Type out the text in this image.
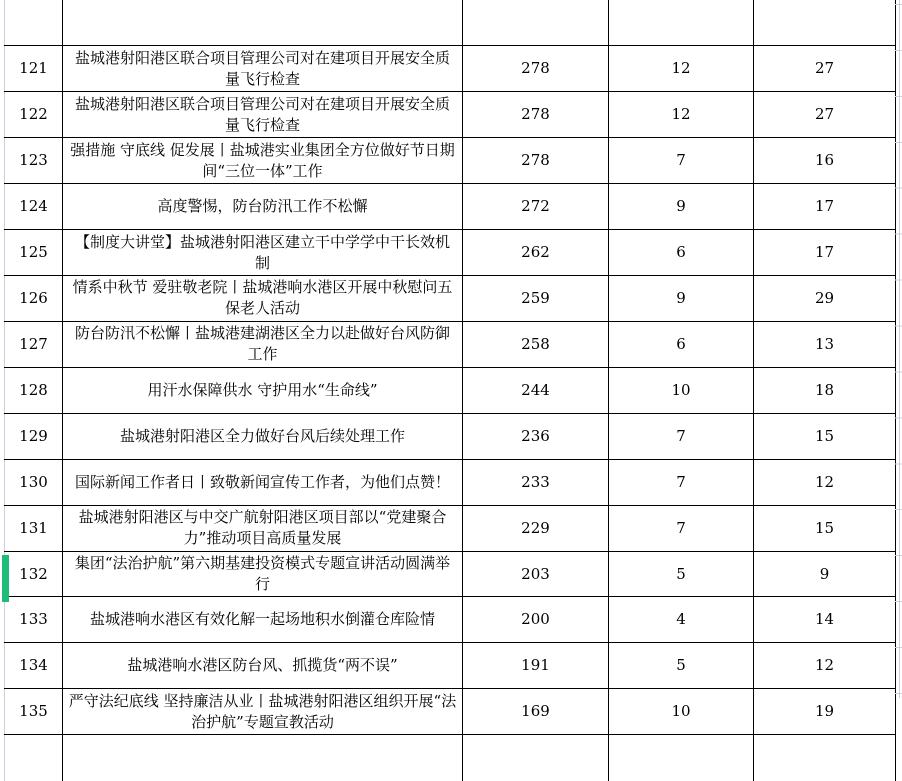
121	盐城港射阳港区联合项目管理公司对在建项目开展安全质量飞行检查	278	12	27
122	盐城港射阳港区联合项目管理公司对在建项目开展安全质量飞行检查	278	12	27
123	强措施 守底线 促发展丨盐城港实业集团全方位做好节日期间“三位一体”工作	278	7	16
124	高度警惕，防台防汛工作不松懈	272	9	17
125	【制度大讲堂】盐城港射阳港区建立干中学学中干长效机制	262	6	17
126	情系中秋节 爱驻敬老院丨盐城港响水港区开展中秋慰问五保老人活动	259	9	29
127	防台防汛不松懈丨盐城港建湖港区全力以赴做好台风防御工作	258	6	13
128	用汗水保障供水 守护用水“生命线”	244	10	18
129	盐城港射阳港区全力做好台风后续处理工作	236	7	15
130	国际新闻工作者日丨致敬新闻宣传工作者，为他们点赞！	233	7	12
131	盐城港射阳港区与中交广航射阳港区项目部以“党建聚合力”推动项目高质量发展	229	7	15
132	集团“法治护航”第六期基建投资模式专题宣讲活动圆满举行	203	5	9
133	盐城港响水港区有效化解一起场地积水倒灌仓库险情	200	4	14
134	盐城港响水港区防台风、抓揽货“两不误”	191	5	12
135	严守法纪底线 坚持廉洁从业丨盐城港射阳港区组织开展“法治护航”专题宣教活动	169	10	19
